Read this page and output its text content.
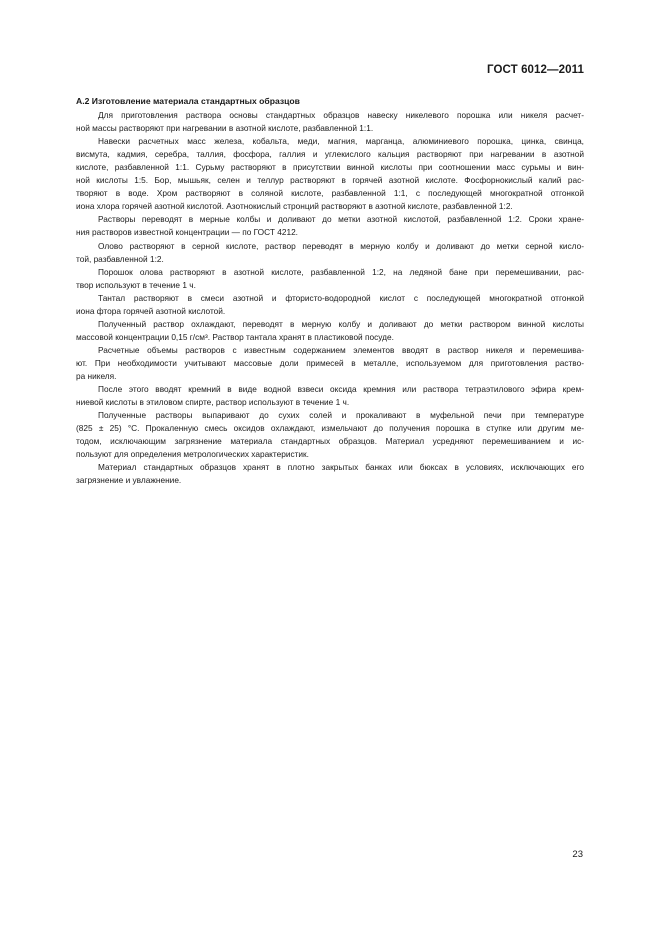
ГОСТ 6012—2011
А.2 Изготовление материала стандартных образцов

Для приготовления раствора основы стандартных образцов навеску никелевого порошка или никеля расчет-
ной массы растворяют при нагревании в азотной кислоте, разбавленной 1:1.

Навески расчетных масс железа, кобальта, меди, магния, марганца, алюминиевого порошка, цинка, свинца,
висмута, кадмия, серебра, таллия, фосфора, галлия и углекислого кальция растворяют при нагревании в азотной
кислоте, разбавленной 1:1. Сурьму растворяют в присутствии винной кислоты при соотношении масс сурьмы и вин-
ной кислоты 1:5. Бор, мышьяк, селен и теллур растворяют в горячей азотной кислоте. Фосфорнокислый калий рас-
творяют в воде. Хром растворяют в соляной кислоте, разбавленной 1:1, с последующей многократной отгонкой
иона хлора горячей азотной кислотой. Азотнокислый стронций растворяют в азотной кислоте, разбавленной 1:2.

Растворы переводят в мерные колбы и доливают до метки азотной кислотой, разбавленной 1:2. Сроки хране-
ния растворов известной концентрации — по ГОСТ 4212.

Олово растворяют в серной кислоте, раствор переводят в мерную колбу и доливают до метки серной кисло-
той, разбавленной 1:2.

Порошок олова растворяют в азотной кислоте, разбавленной 1:2, на ледяной бане при перемешивании, рас-
твор используют в течение 1 ч.

Тантал растворяют в смеси азотной и фтористо-водородной кислот с последующей многократной отгонкой
иона фтора горячей азотной кислотой.

Полученный раствор охлаждают, переводят в мерную колбу и доливают до метки раствором винной кислоты
массовой концентрации 0,15 г/см³. Раствор тантала хранят в пластиковой посуде.

Расчетные объемы растворов с известным содержанием элементов вводят в раствор никеля и перемешива-
ют. При необходимости учитывают массовые доли примесей в металле, используемом для приготовления раство-
ра никеля.

После этого вводят кремний в виде водной взвеси оксида кремния или раствора тетраэтилового эфира крем-
ниевой кислоты в этиловом спирте, раствор используют в течение 1 ч.

Полученные растворы выпаривают до сухих солей и прокаливают в муфельной печи при температуре
(825 ± 25) °С. Прокаленную смесь оксидов охлаждают, измельчают до получения порошка в ступке или другим ме-
тодом, исключающим загрязнение материала стандартных образцов. Материал усредняют перемешиванием и ис-
пользуют для определения метрологических характеристик.

Материал стандартных образцов хранят в плотно закрытых банках или бюксах в условиях, исключающих его
загрязнение и увлажнение.

23
